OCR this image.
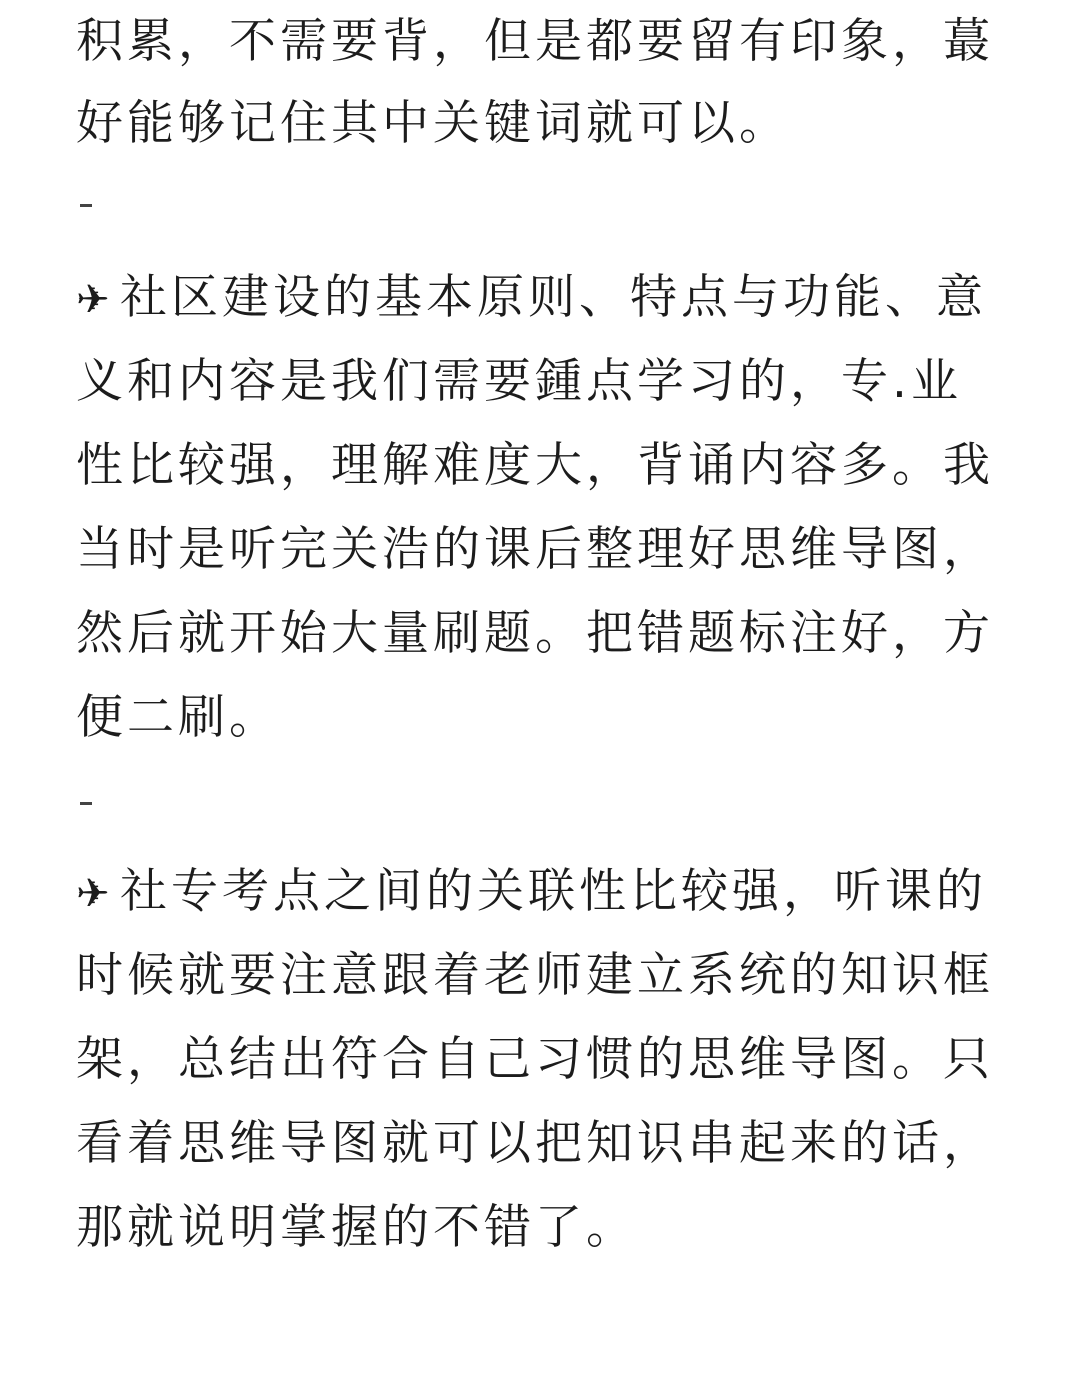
积累，不需要背，但是都要留有印象，蕞
好能够记住其中关键词就可以。
✈ 社区建设的基本原则、特点与功能、意
义和内容是我们需要鍾点学习的，专.业
性比较强，理解难度大，背诵内容多。我
当时是听完关浩的课后整理好思维导图，
然后就开始大量刷题。把错题标注好，方
便二刷。
✈ 社专考点之间的关联性比较强，听课的
时候就要注意跟着老师建立系统的知识框
架，总结出符合自己习惯的思维导图。只
看着思维导图就可以把知识串起来的话，
那就说明掌握的不错了。
